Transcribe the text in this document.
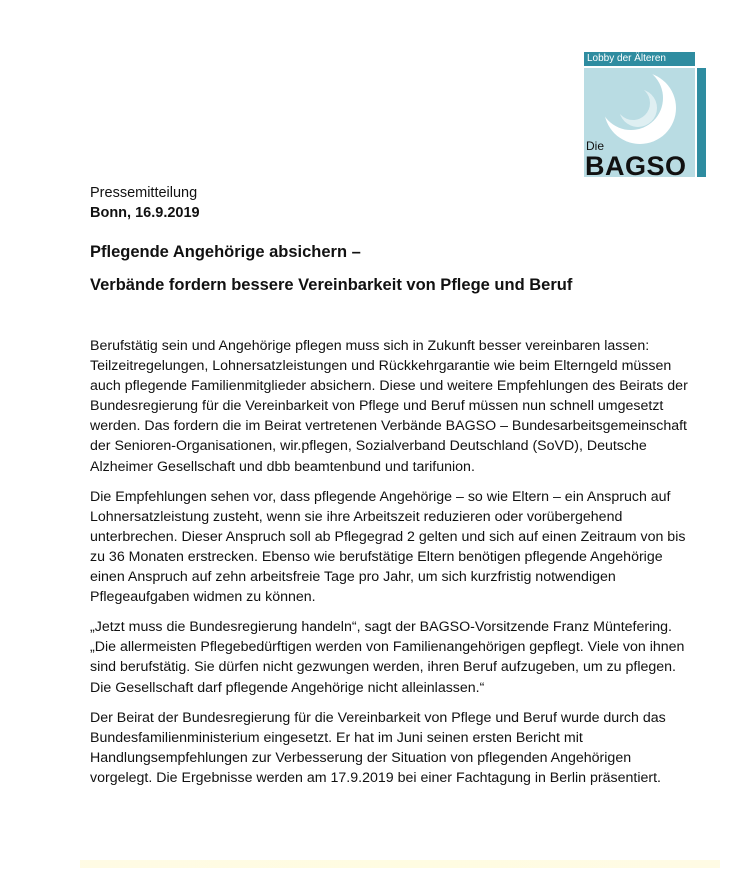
Lobby der Älteren
Die
BAGSO
Pressemitteilung
Bonn, 16.9.2019
Pflegende Angehörige absichern –
Verbände fordern bessere Vereinbarkeit von Pflege und Beruf

Berufstätig sein und Angehörige pflegen muss sich in Zukunft besser vereinbaren lassen: Teilzeitregelungen, Lohnersatzleistungen und Rückkehrgarantie wie beim Elterngeld müssen auch pflegende Familienmitglieder absichern. Diese und weitere Empfehlungen des Beirats der Bundesregierung für die Vereinbarkeit von Pflege und Beruf müssen nun schnell umgesetzt werden. Das fordern die im Beirat vertretenen Verbände BAGSO – Bundesarbeitsgemeinschaft der Senioren-Organisationen, wir.pflegen, Sozialverband Deutschland (SoVD), Deutsche Alzheimer Gesellschaft und dbb beamtenbund und tarifunion.

Die Empfehlungen sehen vor, dass pflegende Angehörige – so wie Eltern – ein Anspruch auf Lohnersatzleistung zusteht, wenn sie ihre Arbeitszeit reduzieren oder vorübergehend unterbrechen. Dieser Anspruch soll ab Pflegegrad 2 gelten und sich auf einen Zeitraum von bis zu 36 Monaten erstrecken. Ebenso wie berufstätige Eltern benötigen pflegende Angehörige einen Anspruch auf zehn arbeitsfreie Tage pro Jahr, um sich kurzfristig notwendigen Pflegeaufgaben widmen zu können.

„Jetzt muss die Bundesregierung handeln“, sagt der BAGSO-Vorsitzende Franz Müntefering. „Die allermeisten Pflegebedürftigen werden von Familienangehörigen gepflegt. Viele von ihnen sind berufstätig. Sie dürfen nicht gezwungen werden, ihren Beruf aufzugeben, um zu pflegen. Die Gesellschaft darf pflegende Angehörige nicht alleinlassen.“

Der Beirat der Bundesregierung für die Vereinbarkeit von Pflege und Beruf wurde durch das Bundesfamilienministerium eingesetzt. Er hat im Juni seinen ersten Bericht mit Handlungsempfehlungen zur Verbesserung der Situation von pflegenden Angehörigen vorgelegt. Die Ergebnisse werden am 17.9.2019 bei einer Fachtagung in Berlin präsentiert.
